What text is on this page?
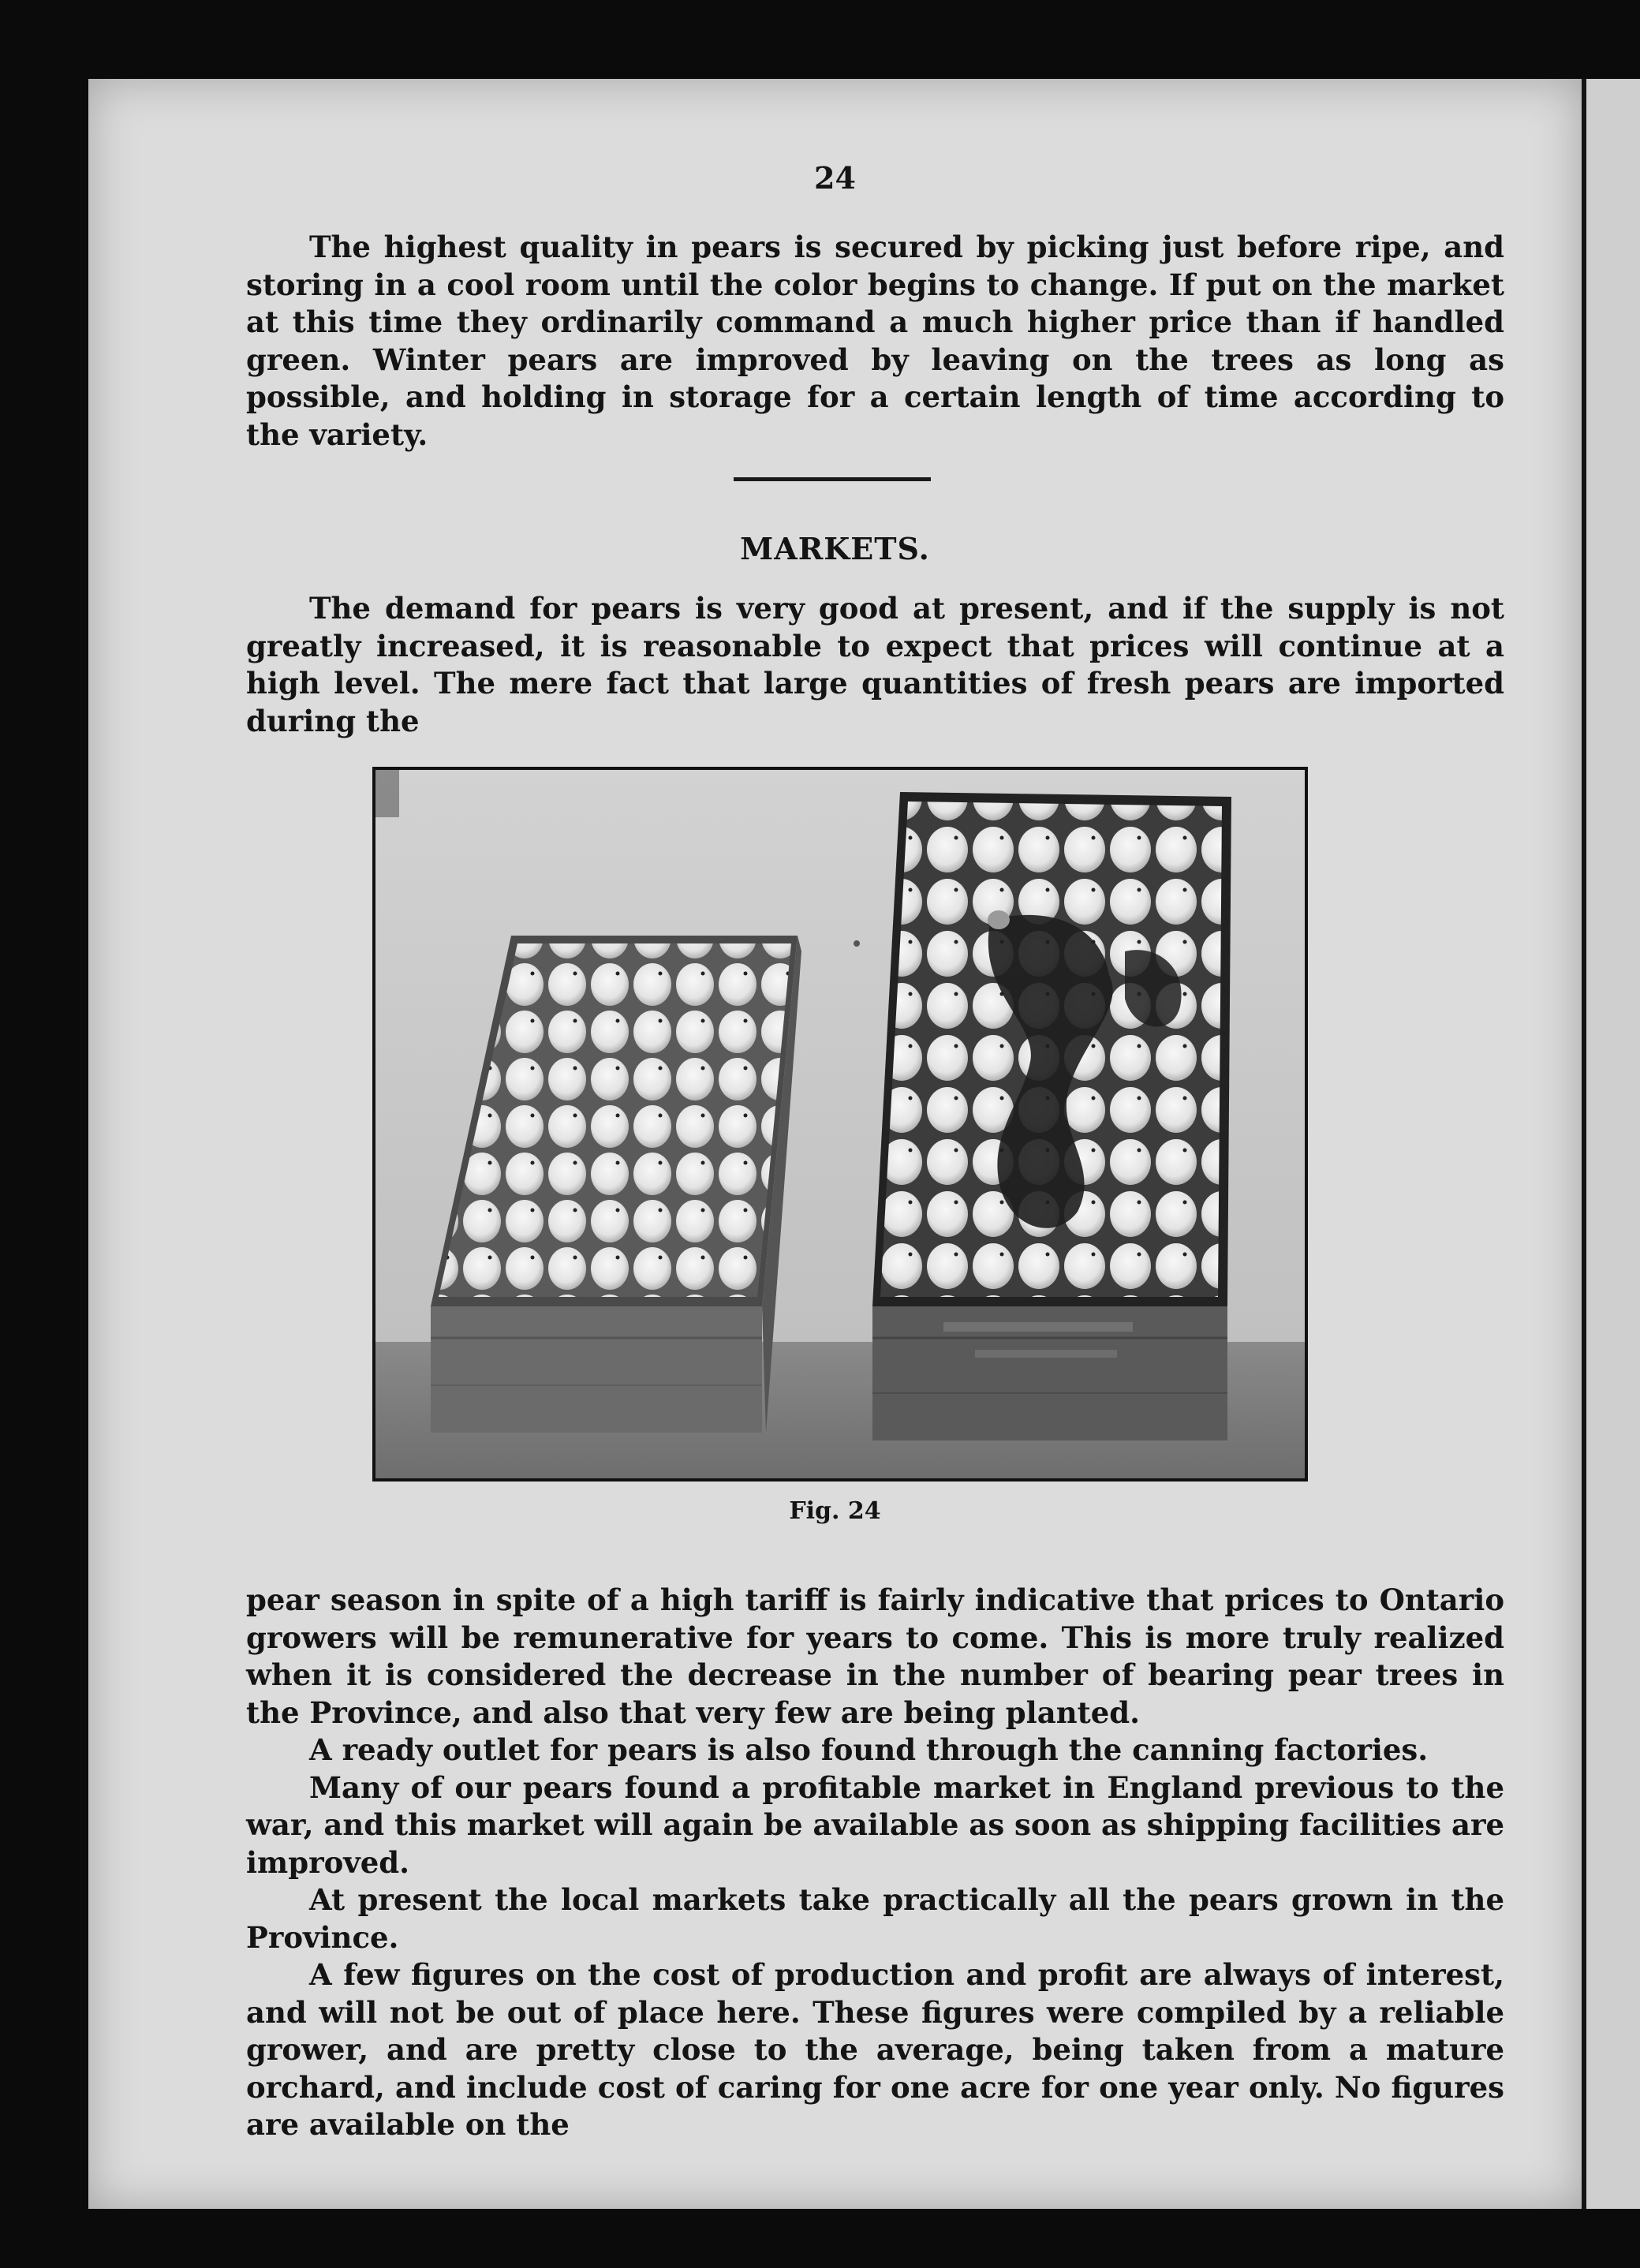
24

The highest quality in pears is secured by picking just before ripe, and storing in a cool room until the color begins to change. If put on the market at this time they ordinarily command a much higher price than if handled green. Winter pears are improved by leaving on the trees as long as possible, and holding in storage for a certain length of time according to the variety.

MARKETS.

The demand for pears is very good at present, and if the supply is not greatly increased, it is reasonable to expect that prices will continue at a high level. The mere fact that large quantities of fresh pears are imported during the

Fig. 24

pear season in spite of a high tariff is fairly indicative that prices to Ontario growers will be remunerative for years to come. This is more truly realized when it is considered the decrease in the number of bearing pear trees in the Province, and also that very few are being planted.

A ready outlet for pears is also found through the canning factories.

Many of our pears found a profitable market in England previous to the war, and this market will again be available as soon as shipping facilities are improved.

At present the local markets take practically all the pears grown in the Province.

A few figures on the cost of production and profit are always of interest, and will not be out of place here. These figures were compiled by a reliable grower, and are pretty close to the average, being taken from a mature orchard, and include cost of caring for one acre for one year only. No figures are available on the
